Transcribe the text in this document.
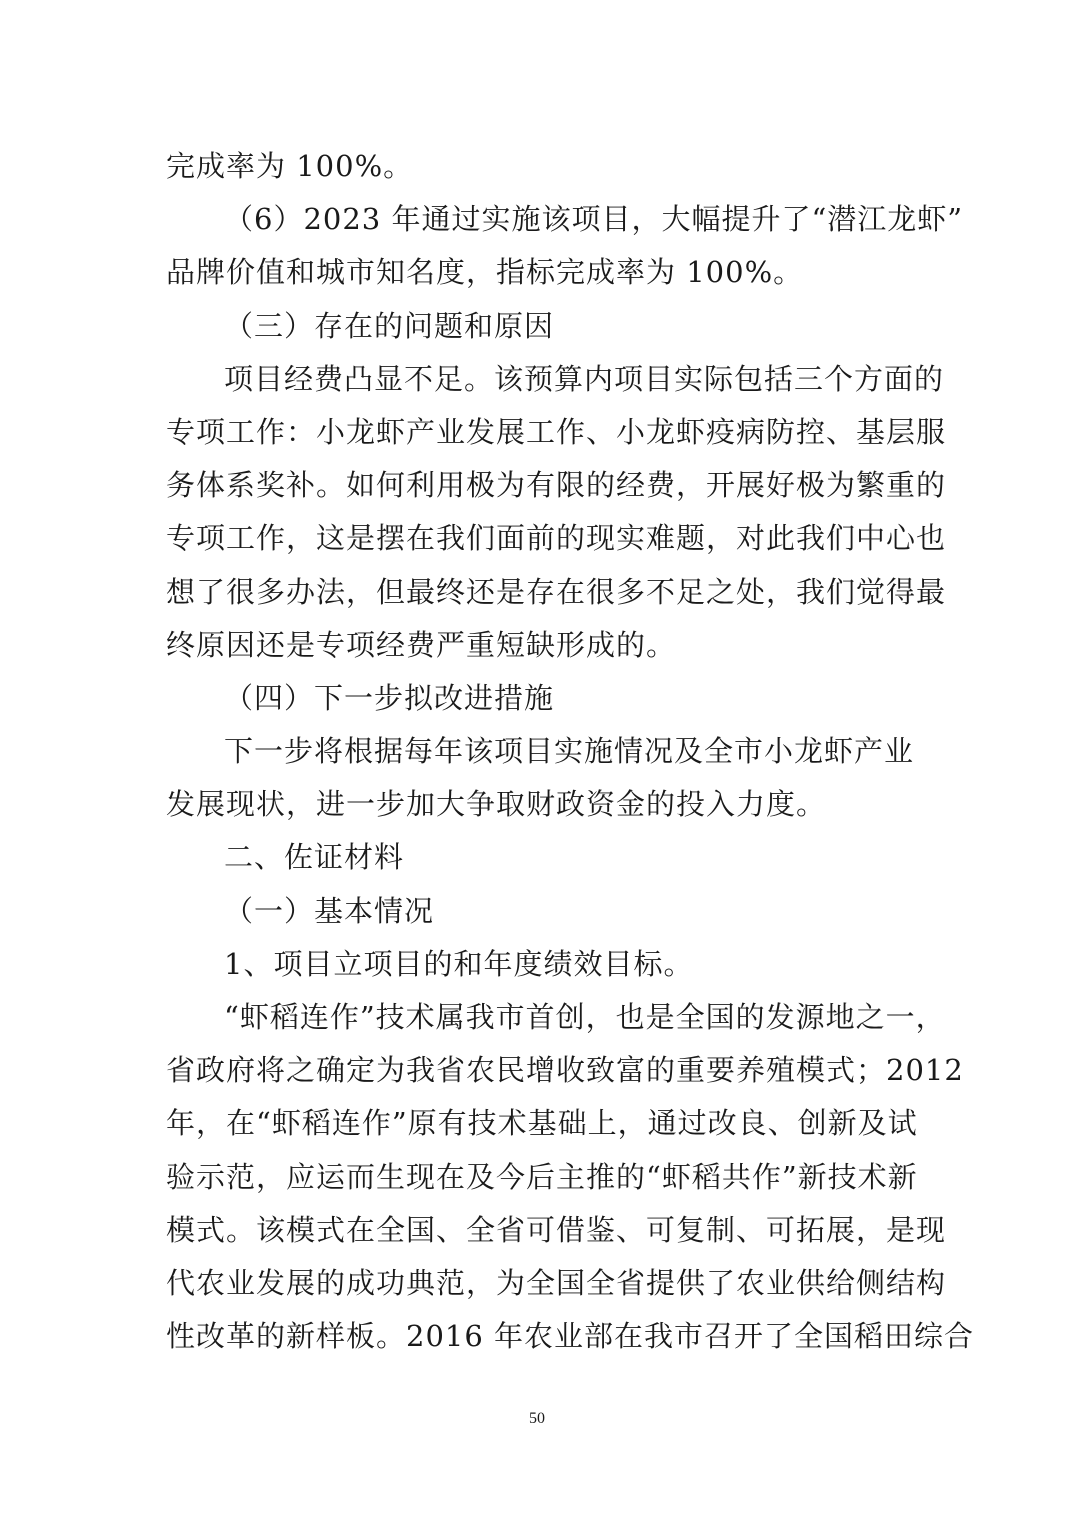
完成率为 100%。
（6）2023 年通过实施该项目，大幅提升了“潜江龙虾”
品牌价值和城市知名度，指标完成率为 100%。
（三）存在的问题和原因
项目经费凸显不足。该预算内项目实际包括三个方面的
专项工作：小龙虾产业发展工作、小龙虾疫病防控、基层服
务体系奖补。如何利用极为有限的经费，开展好极为繁重的
专项工作，这是摆在我们面前的现实难题，对此我们中心也
想了很多办法，但最终还是存在很多不足之处，我们觉得最
终原因还是专项经费严重短缺形成的。
（四）下一步拟改进措施
下一步将根据每年该项目实施情况及全市小龙虾产业
发展现状，进一步加大争取财政资金的投入力度。
二、佐证材料
（一）基本情况
1、项目立项目的和年度绩效目标。
“虾稻连作”技术属我市首创，也是全国的发源地之一，
省政府将之确定为我省农民增收致富的重要养殖模式；2012
年，在“虾稻连作”原有技术基础上，通过改良、创新及试
验示范，应运而生现在及今后主推的“虾稻共作”新技术新
模式。该模式在全国、全省可借鉴、可复制、可拓展，是现
代农业发展的成功典范，为全国全省提供了农业供给侧结构
性改革的新样板。2016 年农业部在我市召开了全国稻田综合
50
